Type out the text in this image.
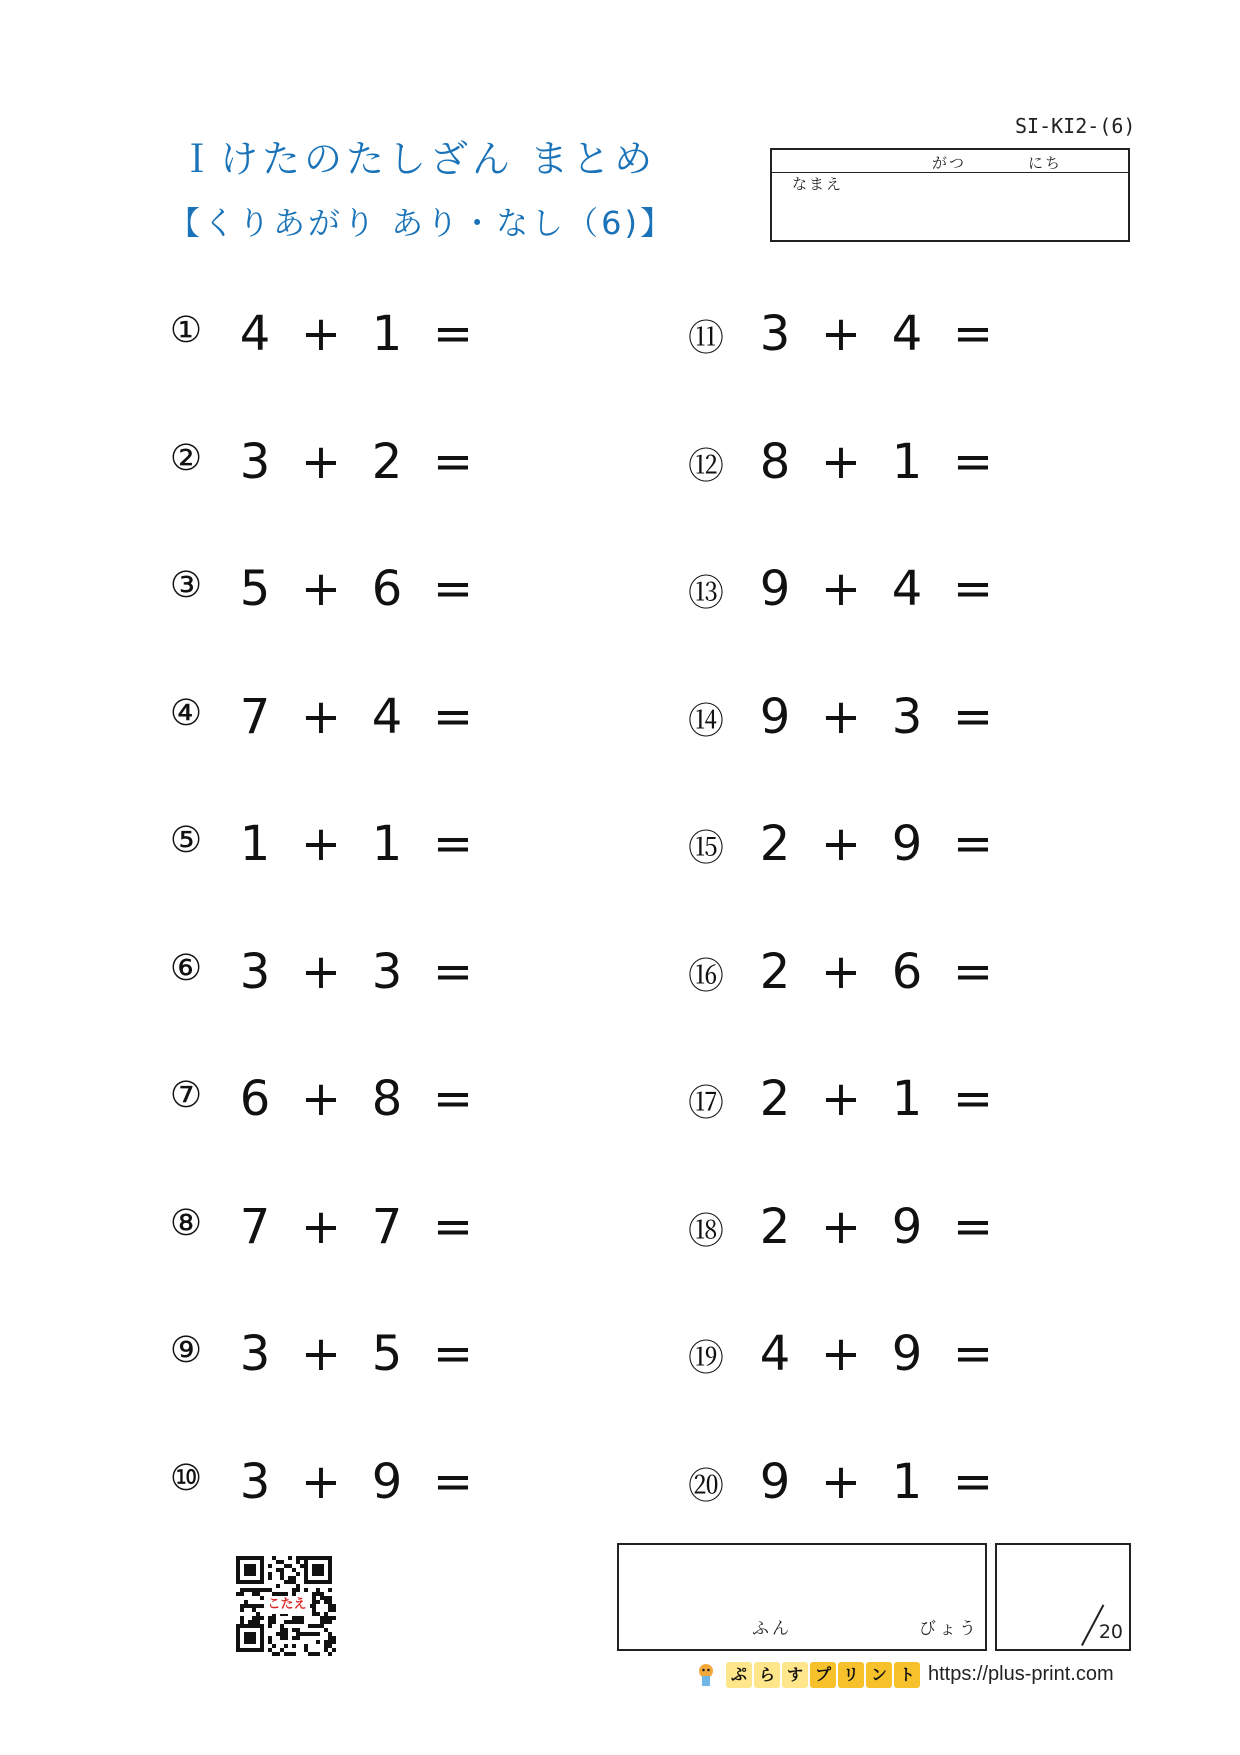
Ｉけたのたしざん まとめ
【くりあがり あり・なし（6)】
SI-KI2-(6)
がつ	にち
なまえ
① 4 + 1 =
② 3 + 2 =
③ 5 + 6 =
④ 7 + 4 =
⑤ 1 + 1 =
⑥ 3 + 3 =
⑦ 6 + 8 =
⑧ 7 + 7 =
⑨ 3 + 5 =
⑩ 3 + 9 =
⑪ 3 + 4 =
⑫ 8 + 1 =
⑬ 9 + 4 =
⑭ 9 + 3 =
⑮ 2 + 9 =
⑯ 2 + 6 =
⑰ 2 + 1 =
⑱ 2 + 9 =
⑲ 4 + 9 =
⑳ 9 + 1 =
こたえ
ふん	びょう	20
ぷ ら す プ リ ン ト https://plus-print.com
